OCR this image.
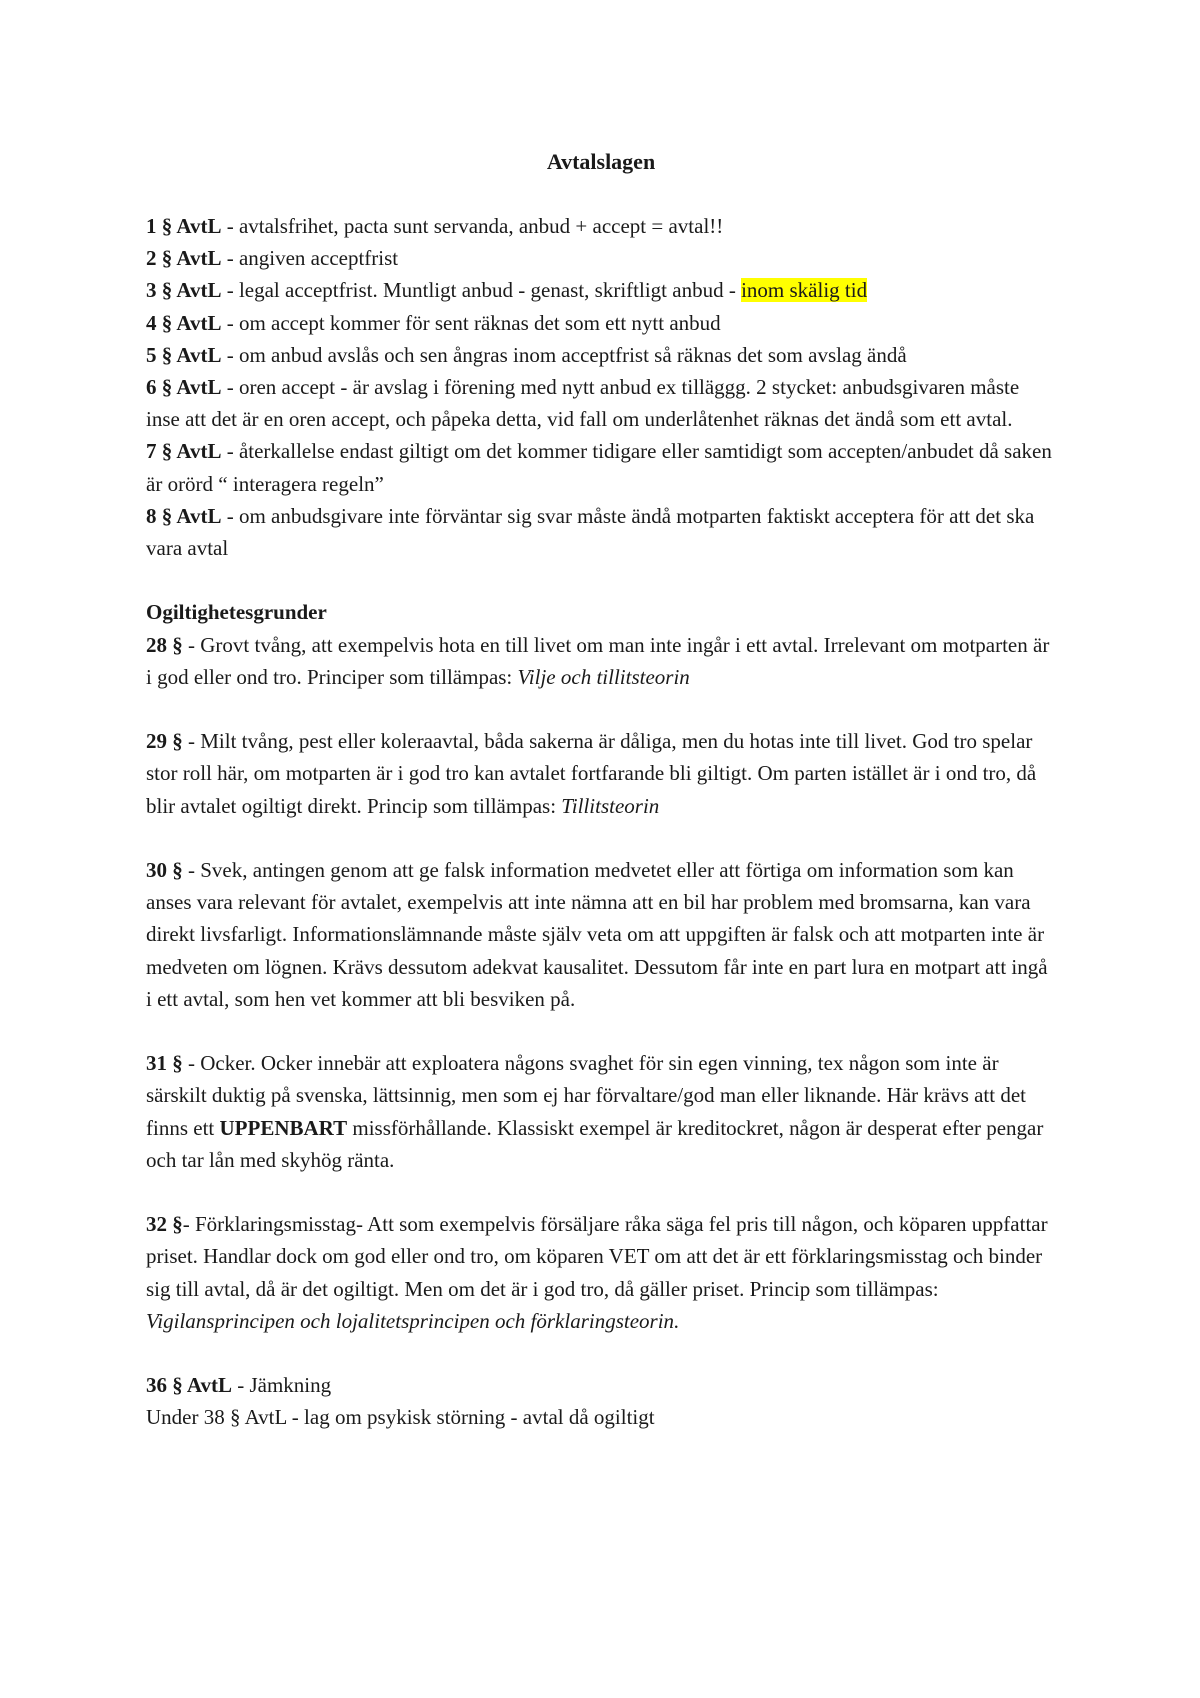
Avtalslagen

1 § AvtL - avtalsfrihet, pacta sunt servanda, anbud + accept = avtal!!

2 § AvtL - angiven acceptfrist

3 § AvtL - legal acceptfrist. Muntligt anbud - genast, skriftligt anbud - inom skälig tid

4 § AvtL - om accept kommer för sent räknas det som ett nytt anbud

5 § AvtL - om anbud avslås och sen ångras inom acceptfrist så räknas det som avslag ändå

6 § AvtL - oren accept - är avslag i förening med nytt anbud ex tilläggg. 2 stycket: anbudsgivaren måste inse att det är en oren accept, och påpeka detta, vid fall om underlåtenhet räknas det ändå som ett avtal.

7 § AvtL - återkallelse endast giltigt om det kommer tidigare eller samtidigt som accepten/anbudet då saken är orörd “ interagera regeln”

8 § AvtL - om anbudsgivare inte förväntar sig svar måste ändå motparten faktiskt acceptera för att det ska vara avtal

Ogiltighetesgrunder

28 § - Grovt tvång, att exempelvis hota en till livet om man inte ingår i ett avtal. Irrelevant om motparten är i god eller ond tro. Principer som tillämpas: Vilje och tillitsteorin

29 § - Milt tvång, pest eller koleraavtal, båda sakerna är dåliga, men du hotas inte till livet. God tro spelar stor roll här, om motparten är i god tro kan avtalet fortfarande bli giltigt. Om parten istället är i ond tro, då blir avtalet ogiltigt direkt. Princip som tillämpas: Tillitsteorin

30 § - Svek, antingen genom att ge falsk information medvetet eller att förtiga om information som kan anses vara relevant för avtalet, exempelvis att inte nämna att en bil har problem med bromsarna, kan vara direkt livsfarligt. Informationslämnande måste själv veta om att uppgiften är falsk och att motparten inte är medveten om lögnen. Krävs dessutom adekvat kausalitet. Dessutom får inte en part lura en motpart att ingå i ett avtal, som hen vet kommer att bli besviken på.

31 § - Ocker. Ocker innebär att exploatera någons svaghet för sin egen vinning, tex någon som inte är särskilt duktig på svenska, lättsinnig, men som ej har förvaltare/god man eller liknande. Här krävs att det finns ett UPPENBART missförhållande. Klassiskt exempel är kreditockret, någon är desperat efter pengar och tar lån med skyhög ränta.

32 §- Förklaringsmisstag- Att som exempelvis försäljare råka säga fel pris till någon, och köparen uppfattar priset. Handlar dock om god eller ond tro, om köparen VET om att det är ett förklaringsmisstag och binder sig till avtal, då är det ogiltigt. Men om det är i god tro, då gäller priset. Princip som tillämpas: Vigilansprincipen och lojalitetsprincipen och förklaringsteorin.

36 § AvtL - Jämkning

Under 38 § AvtL - lag om psykisk störning - avtal då ogiltigt
